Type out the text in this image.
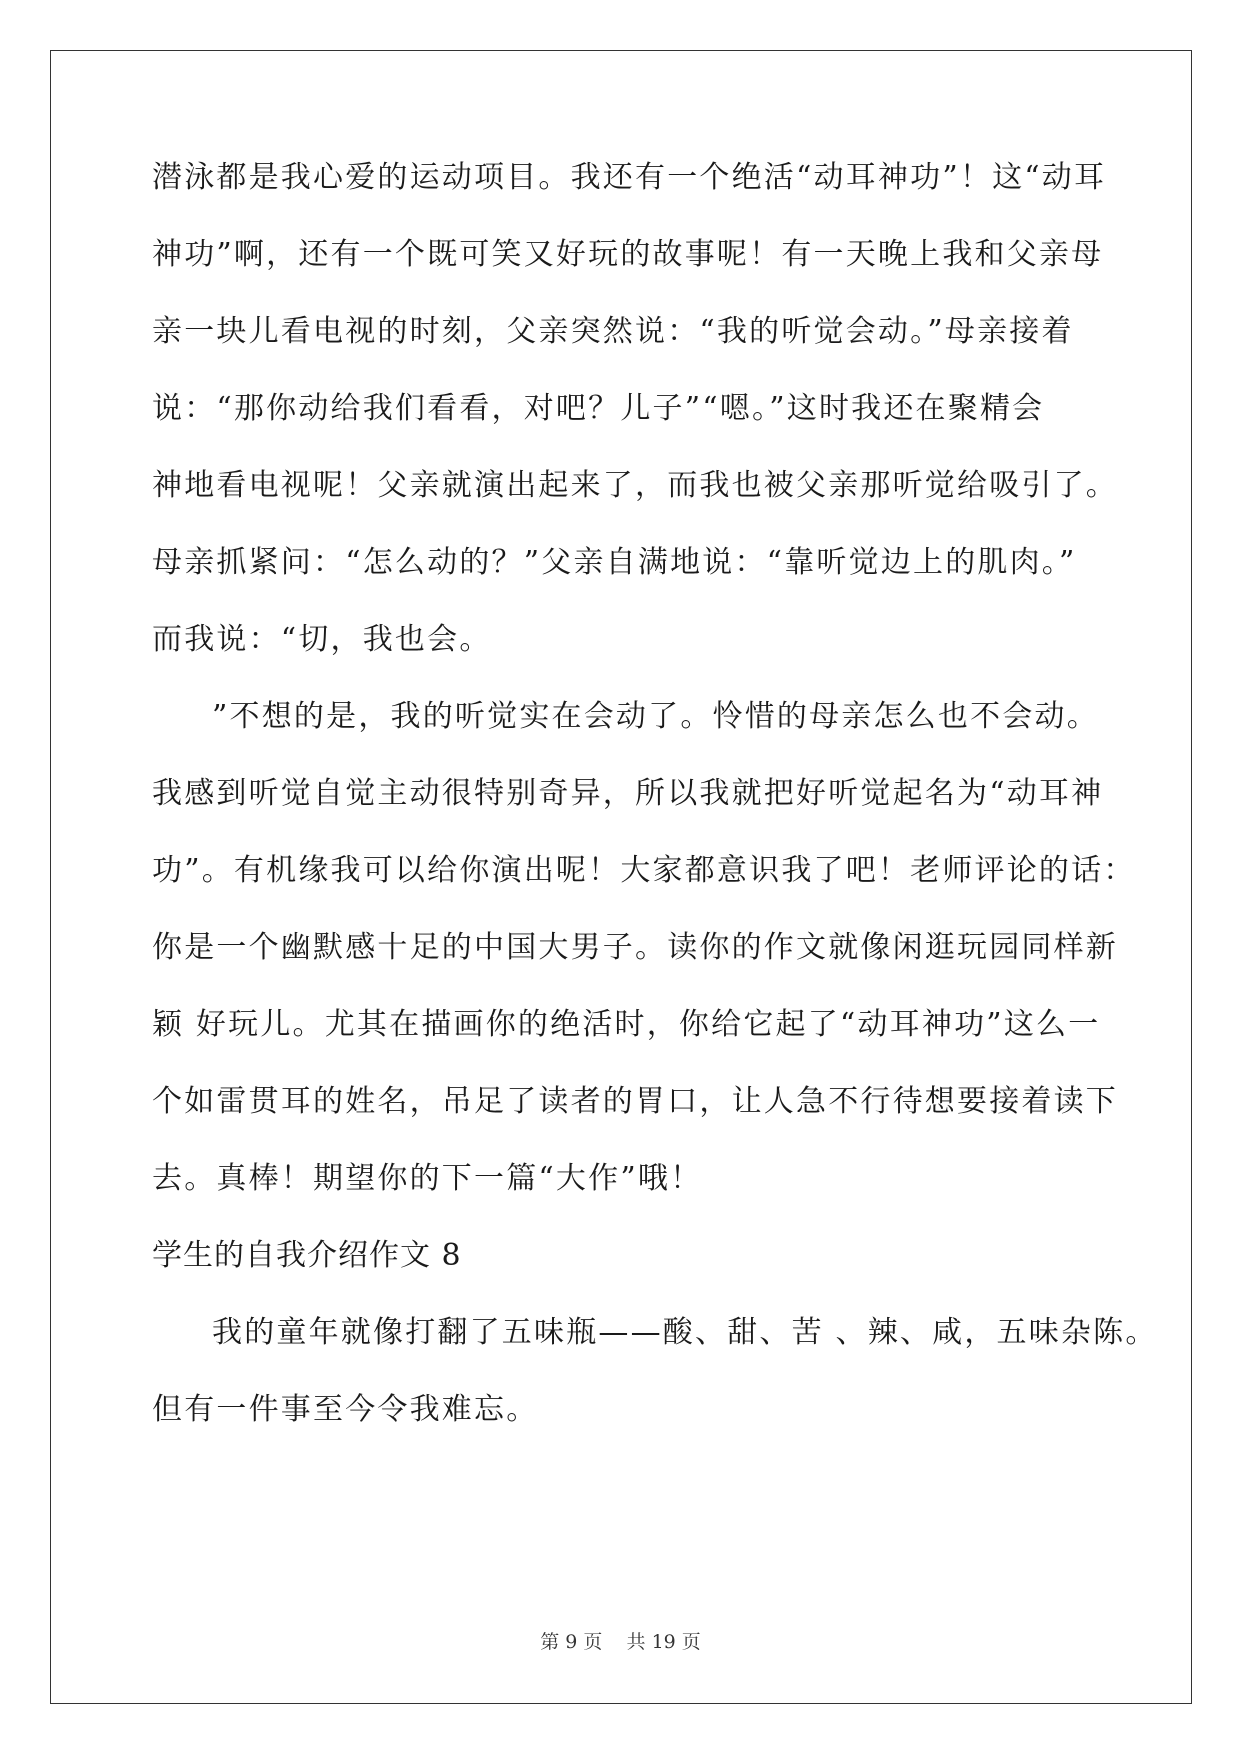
潜泳都是我心爱的运动项目。我还有一个绝活“动耳神功”！这“动耳
神功”啊，还有一个既可笑又好玩的故事呢！有一天晚上我和父亲母
亲一块儿看电视的时刻，父亲突然说：“我的听觉会动。”母亲接着
说：“那你动给我们看看，对吧？儿子”“嗯。”这时我还在聚精会
神地看电视呢！父亲就演出起来了，而我也被父亲那听觉给吸引了。
母亲抓紧问：“怎么动的？”父亲自满地说：“靠听觉边上的肌肉。”
而我说：“切，我也会。
”不想的是，我的听觉实在会动了。怜惜的母亲怎么也不会动。
我感到听觉自觉主动很特别奇异，所以我就把好听觉起名为“动耳神
功”。有机缘我可以给你演出呢！大家都意识我了吧！老师评论的话：
你是一个幽默感十足的中国大男子。读你的作文就像闲逛玩园同样新
颖 好玩儿。尤其在描画你的绝活时，你给它起了“动耳神功”这么一
个如雷贯耳的姓名，吊足了读者的胃口，让人急不行待想要接着读下
去。真棒！期望你的下一篇“大作”哦！
学生的自我介绍作文 8
我的童年就像打翻了五味瓶——酸、甜、苦 、辣、咸，五味杂陈。
但有一件事至今令我难忘。
第 9 页 共 19 页
